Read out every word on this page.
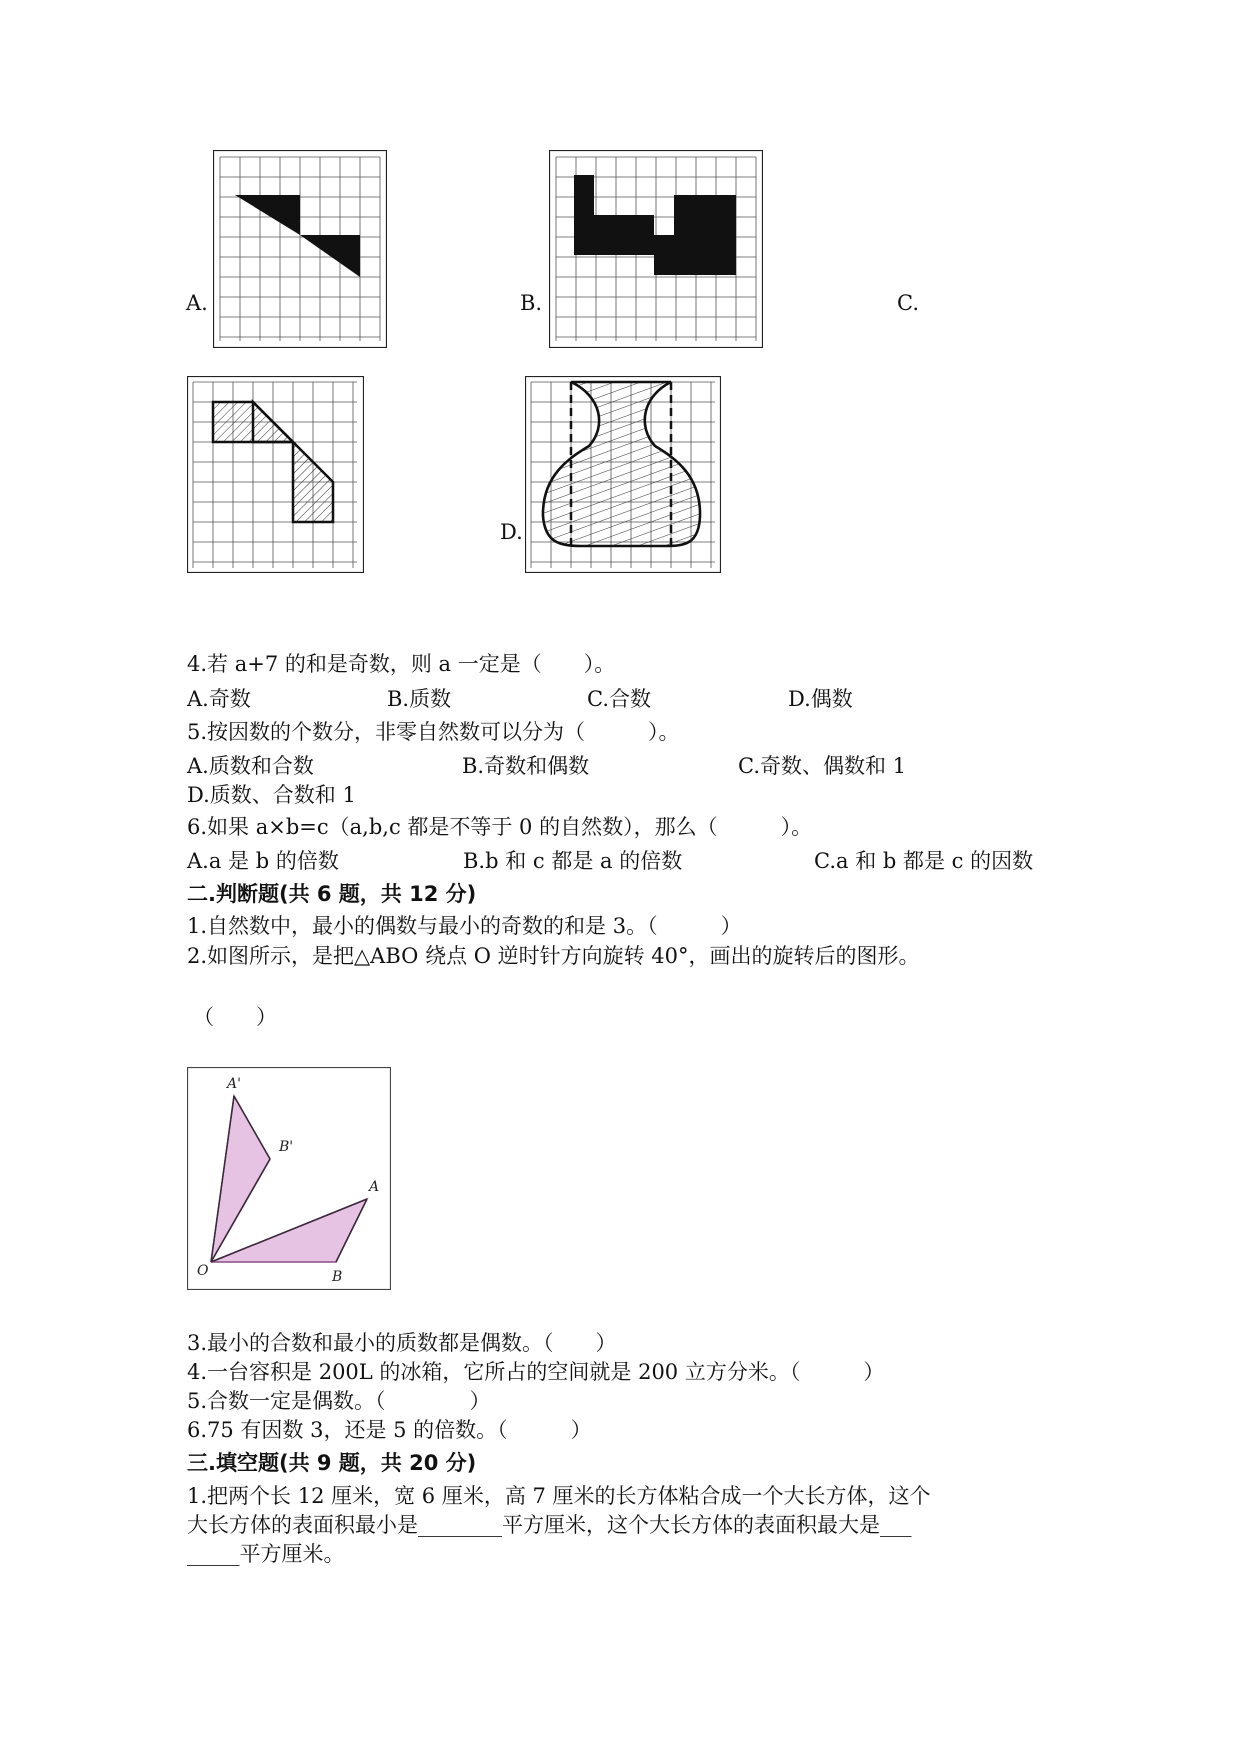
A.	B.	C.
D.
4.若 a+7 的和是奇数，则 a 一定是（　　）。
A.奇数	B.质数	C.合数	D.偶数
5.按因数的个数分，非零自然数可以分为（　　　）。
A.质数和合数	B.奇数和偶数	C.奇数、偶数和 1
D.质数、合数和 1
6.如果 a×b=c（a,b,c 都是不等于 0 的自然数），那么（　　　）。
A.a 是 b 的倍数	B.b 和 c 都是 a 的倍数	C.a 和 b 都是 c 的因数
二.判断题(共 6 题，共 12 分)
1.自然数中，最小的偶数与最小的奇数的和是 3。（　　　）
2.如图所示，是把△ABO 绕点 O 逆时针方向旋转 40°，画出的旋转后的图形。
（　　）
A'
B'
A
B
O
3.最小的合数和最小的质数都是偶数。（　　）
4.一台容积是 200L 的冰箱，它所占的空间就是 200 立方分米。（　　　）
5.合数一定是偶数。（　　　　）
6.75 有因数 3，还是 5 的倍数。（　　　）
三.填空题(共 9 题，共 20 分)
1.把两个长 12 厘米，宽 6 厘米，高 7 厘米的长方体粘合成一个大长方体，这个
大长方体的表面积最小是________平方厘米，这个大长方体的表面积最大是___
_____平方厘米。
